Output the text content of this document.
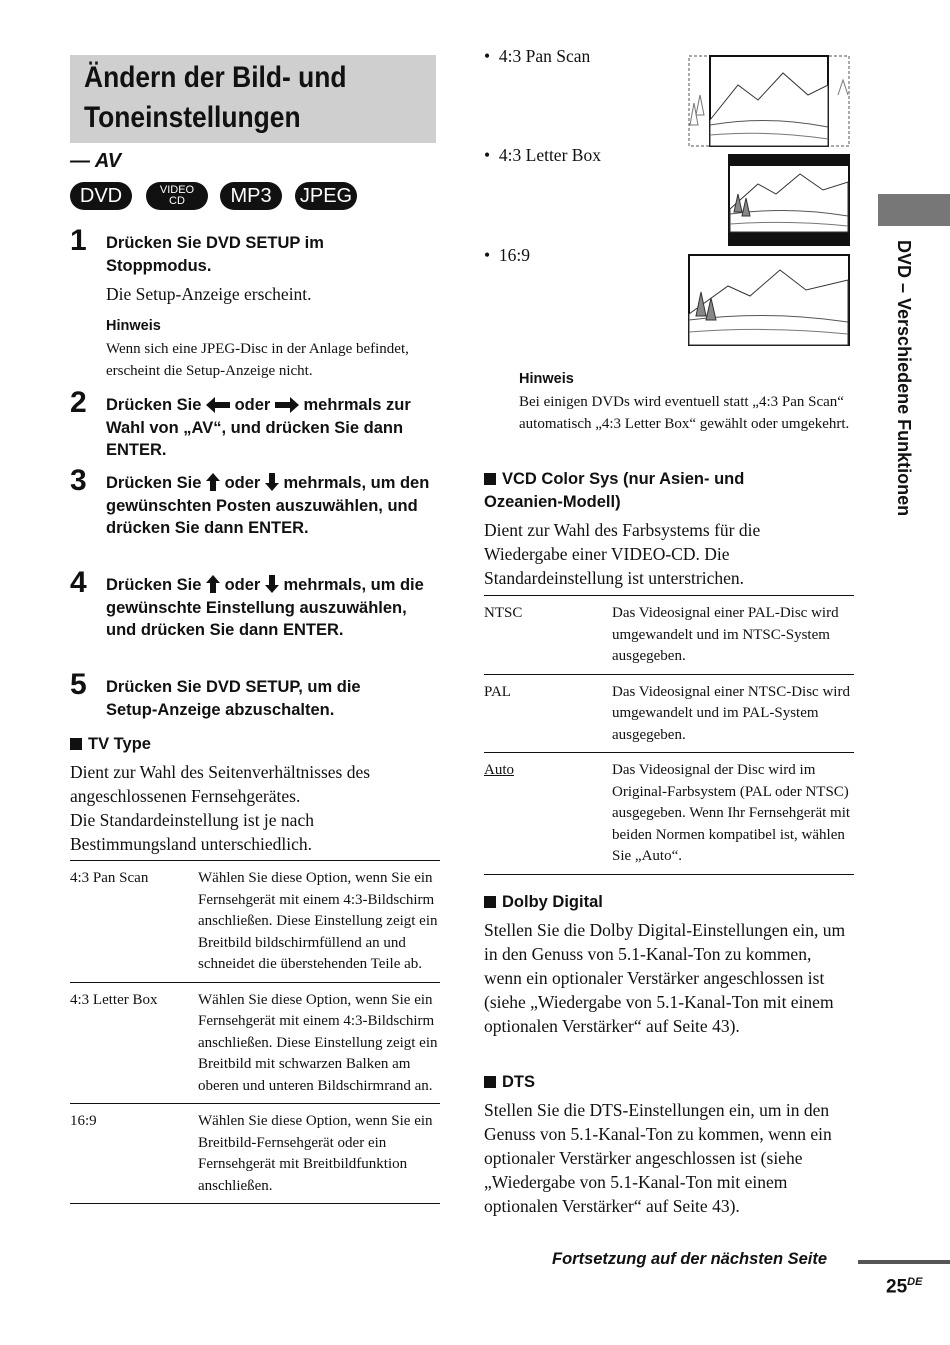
Ändern der Bild- und
Toneinstellungen
— AV
DVD	VIDEO
CD	MP3	JPEG
1 Drücken Sie DVD SETUP im Stoppmodus.
Die Setup-Anzeige erscheint.
Hinweis
Wenn sich eine JPEG-Disc in der Anlage befindet, erscheint die Setup-Anzeige nicht.
2 Drücken Sie oder mehrmals zur Wahl von „AV“, und drücken Sie dann ENTER.
3 Drücken Sie oder mehrmals, um den gewünschten Posten auszuwählen, und drücken Sie dann ENTER.
4 Drücken Sie oder mehrmals, um die gewünschte Einstellung auszuwählen, und drücken Sie dann ENTER.
5 Drücken Sie DVD SETUP, um die Setup-Anzeige abzuschalten.
TV Type
Dient zur Wahl des Seitenverhältnisses des angeschlossenen Fernsehgerätes.
Die Standardeinstellung ist je nach Bestimmungsland unterschiedlich.
4:3 Pan Scan	Wählen Sie diese Option, wenn Sie ein Fernsehgerät mit einem 4:3-Bildschirm anschließen. Diese Einstellung zeigt ein Breitbild bildschirmfüllend an und schneidet die überstehenden Teile ab.
4:3 Letter Box	Wählen Sie diese Option, wenn Sie ein Fernsehgerät mit einem 4:3-Bildschirm anschließen. Diese Einstellung zeigt ein Breitbild mit schwarzen Balken am oberen und unteren Bildschirmrand an.
16:9	Wählen Sie diese Option, wenn Sie ein Breitbild-Fernsehgerät oder ein Fernsehgerät mit Breitbildfunktion anschließen.
•  4:3 Pan Scan
•  4:3 Letter Box
•  16:9
Hinweis
Bei einigen DVDs wird eventuell statt „4:3 Pan Scan“ automatisch „4:3 Letter Box“ gewählt oder umgekehrt.
VCD Color Sys (nur Asien- und Ozeanien-Modell)
Dient zur Wahl des Farbsystems für die Wiedergabe einer VIDEO-CD. Die Standardeinstellung ist unterstrichen.
NTSC	Das Videosignal einer PAL-Disc wird umgewandelt und im NTSC-System ausgegeben.
PAL	Das Videosignal einer NTSC-Disc wird umgewandelt und im PAL-System ausgegeben.
Auto	Das Videosignal der Disc wird im Original-Farbsystem (PAL oder NTSC) ausgegeben. Wenn Ihr Fernsehgerät mit beiden Normen kompatibel ist, wählen Sie „Auto“.
Dolby Digital
Stellen Sie die Dolby Digital-Einstellungen ein, um in den Genuss von 5.1-Kanal-Ton zu kommen, wenn ein optionaler Verstärker angeschlossen ist (siehe „Wiedergabe von 5.1-Kanal-Ton mit einem optionalen Verstärker“ auf Seite 43).
DTS
Stellen Sie die DTS-Einstellungen ein, um in den Genuss von 5.1-Kanal-Ton zu kommen, wenn ein optionaler Verstärker angeschlossen ist (siehe „Wiedergabe von 5.1-Kanal-Ton mit einem optionalen Verstärker“ auf Seite 43).
DVD – Verschiedene Funktionen
Fortsetzung auf der nächsten Seite
25DE
